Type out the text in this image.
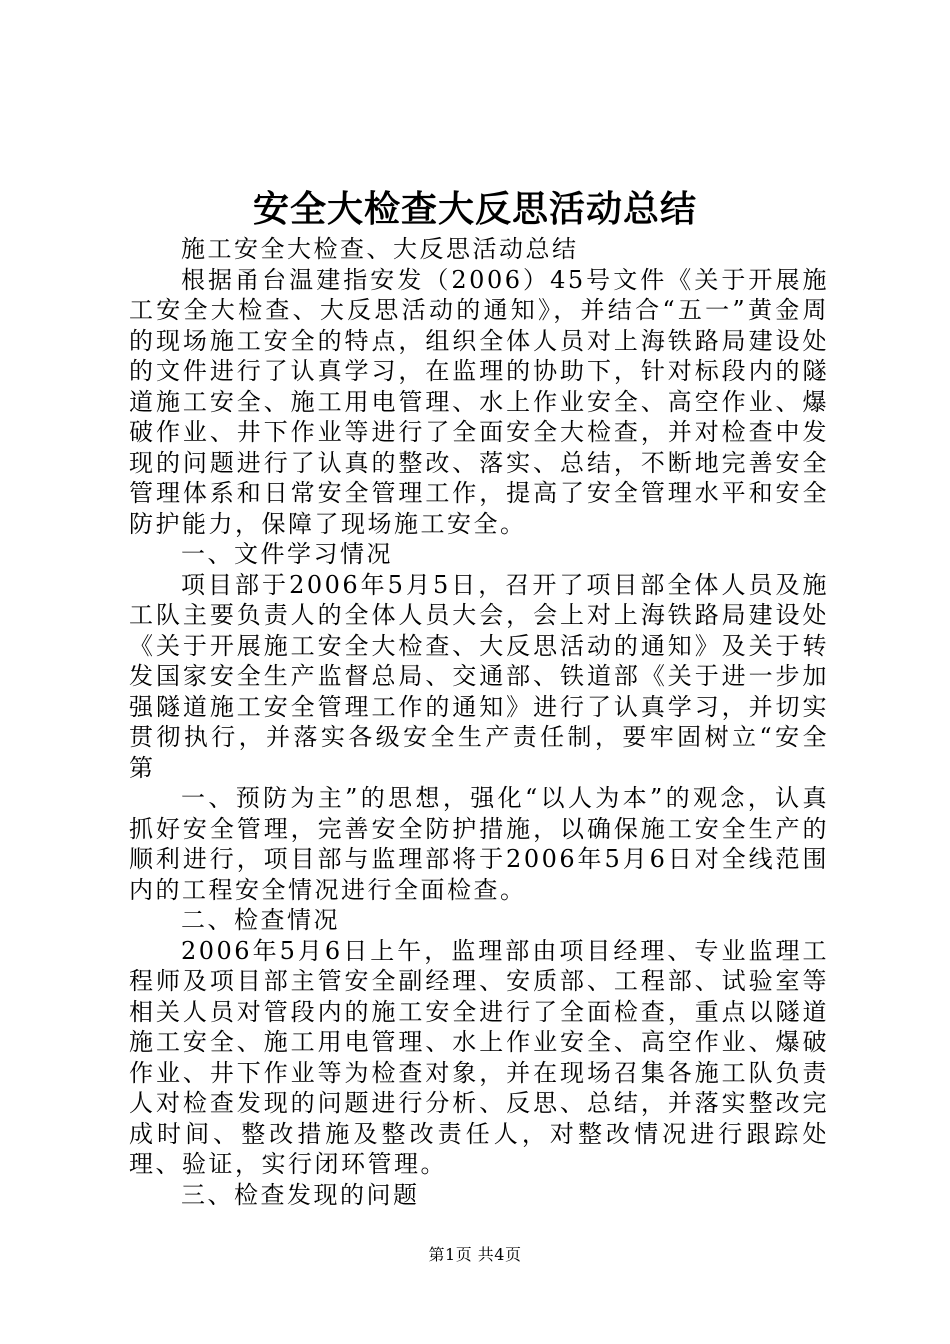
安全大检查大反思活动总结

施工安全大检查、大反思活动总结

根据甬台温建指安发（2006）45号文件《关于开展施工安全大检查、大反思活动的通知》，并结合“五一”黄金周的现场施工安全的特点，组织全体人员对上海铁路局建设处的文件进行了认真学习，在监理的协助下，针对标段内的隧道施工安全、施工用电管理、水上作业安全、高空作业、爆破作业、井下作业等进行了全面安全大检查，并对检查中发现的问题进行了认真的整改、落实、总结，不断地完善安全管理体系和日常安全管理工作，提高了安全管理水平和安全防护能力，保障了现场施工安全。

一、文件学习情况

项目部于2006年5月5日，召开了项目部全体人员及施工队主要负责人的全体人员大会，会上对上海铁路局建设处《关于开展施工安全大检查、大反思活动的通知》及关于转发国家安全生产监督总局、交通部、铁道部《关于进一步加强隧道施工安全管理工作的通知》进行了认真学习，并切实贯彻执行，并落实各级安全生产责任制，要牢固树立“安全第

一、预防为主”的思想，强化“以人为本”的观念，认真抓好安全管理，完善安全防护措施，以确保施工安全生产的顺利进行，项目部与监理部将于2006年5月6日对全线范围内的工程安全情况进行全面检查。

二、检查情况

2006年5月6日上午，监理部由项目经理、专业监理工程师及项目部主管安全副经理、安质部、工程部、试验室等相关人员对管段内的施工安全进行了全面检查，重点以隧道施工安全、施工用电管理、水上作业安全、高空作业、爆破作业、井下作业等为检查对象，并在现场召集各施工队负责人对检查发现的问题进行分析、反思、总结，并落实整改完成时间、整改措施及整改责任人，对整改情况进行跟踪处理、验证，实行闭环管理。

三、检查发现的问题

第1页 共4页
